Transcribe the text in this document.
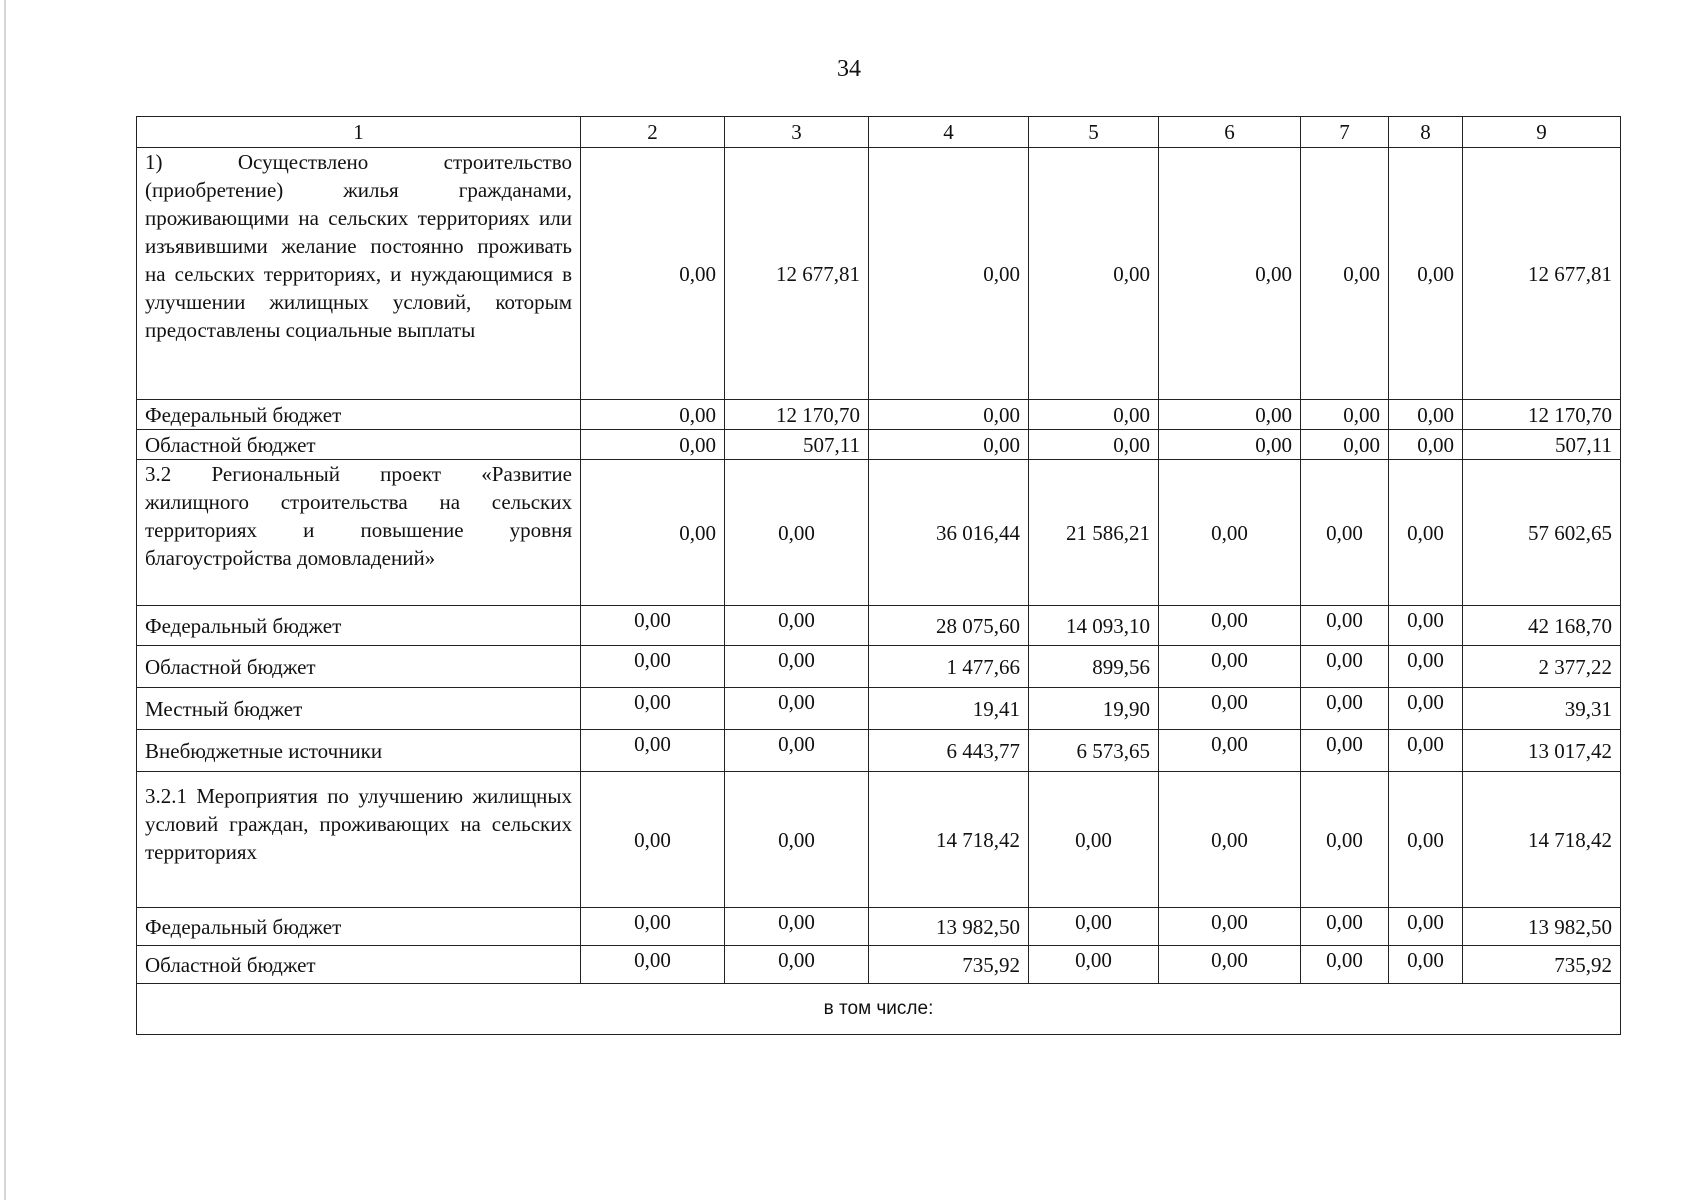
34
1	2	3	4	5	6	7	8	9
1) Осуществлено строительство (приобретение) жилья гражданами, проживающими на сельских территориях или изъявившими желание постоянно проживать на сельских территориях, и нуждающимися в улучшении жилищных условий, которым предоставлены социальные выплаты	0,00	12 677,81	0,00	0,00	0,00	0,00	0,00	12 677,81
Федеральный бюджет	0,00	12 170,70	0,00	0,00	0,00	0,00	0,00	12 170,70
Областной бюджет	0,00	507,11	0,00	0,00	0,00	0,00	0,00	507,11
3.2 Региональный проект «Развитие жилищного строительства на сельских территориях и повышение уровня благоустройства домовладений»	0,00	0,00	36 016,44	21 586,21	0,00	0,00	0,00	57 602,65
Федеральный бюджет	0,00	0,00	28 075,60	14 093,10	0,00	0,00	0,00	42 168,70
Областной бюджет	0,00	0,00	1 477,66	899,56	0,00	0,00	0,00	2 377,22
Местный бюджет	0,00	0,00	19,41	19,90	0,00	0,00	0,00	39,31
Внебюджетные источники	0,00	0,00	6 443,77	6 573,65	0,00	0,00	0,00	13 017,42
3.2.1 Мероприятия по улучшению жилищных условий граждан, проживающих на сельских территориях	0,00	0,00	14 718,42	0,00	0,00	0,00	0,00	14 718,42
Федеральный бюджет	0,00	0,00	13 982,50	0,00	0,00	0,00	0,00	13 982,50
Областной бюджет	0,00	0,00	735,92	0,00	0,00	0,00	0,00	735,92
в том числе:								
